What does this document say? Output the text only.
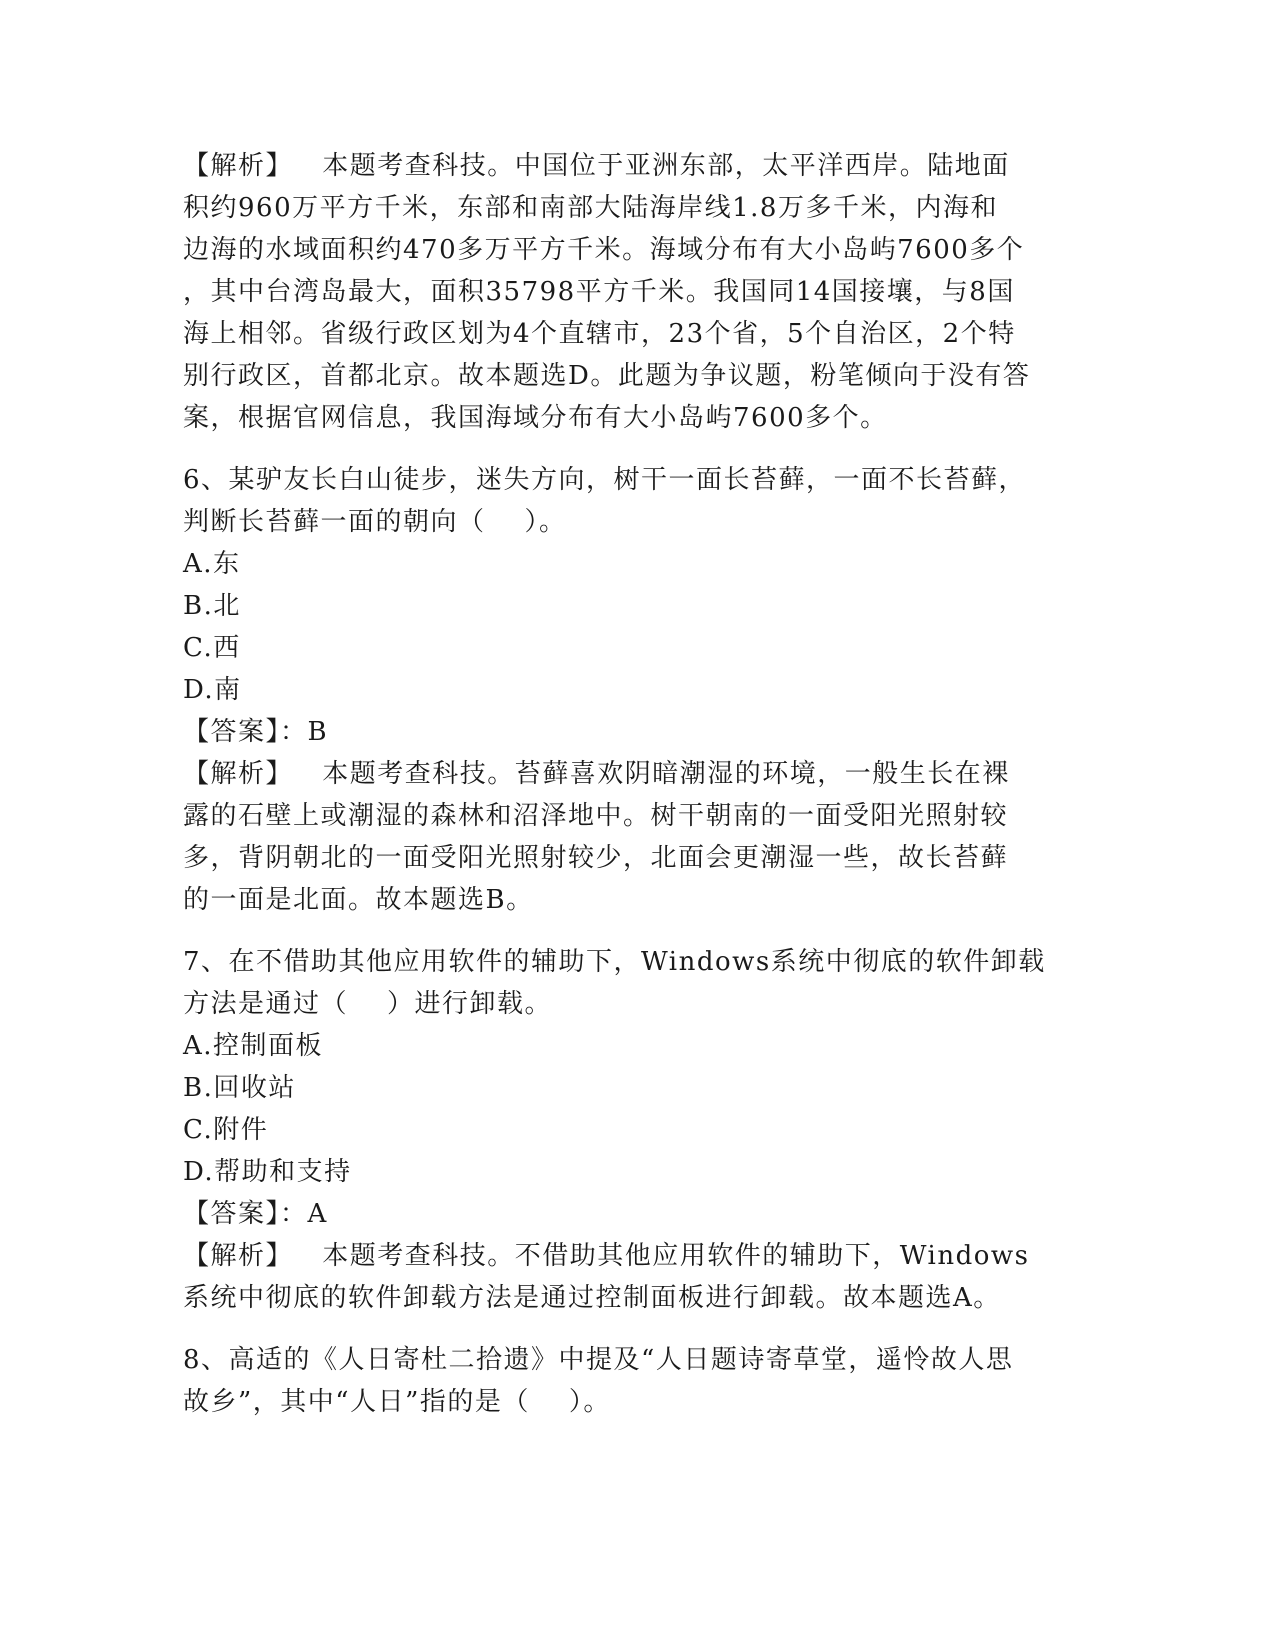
【解析】   本题考查科技。中国位于亚洲东部，太平洋西岸。陆地面

积约960万平方千米，东部和南部大陆海岸线1.8万多千米，内海和

边海的水域面积约470多万平方千米。海域分布有大小岛屿7600多个

，其中台湾岛最大，面积35798平方千米。我国同14国接壤，与8国

海上相邻。省级行政区划为4个直辖市，23个省，5个自治区，2个特

别行政区，首都北京。故本题选D。此题为争议题，粉笔倾向于没有答

案，根据官网信息，我国海域分布有大小岛屿7600多个。

6、某驴友长白山徒步，迷失方向，树干一面长苔藓，一面不长苔藓，

判断长苔藓一面的朝向（    ）。

A.东

B.北

C.西

D.南

【答案】：B

【解析】   本题考查科技。苔藓喜欢阴暗潮湿的环境，一般生长在裸

露的石壁上或潮湿的森林和沼泽地中。树干朝南的一面受阳光照射较

多，背阴朝北的一面受阳光照射较少，北面会更潮湿一些，故长苔藓

的一面是北面。故本题选B。

7、在不借助其他应用软件的辅助下，Windows系统中彻底的软件卸载

方法是通过（    ）进行卸载。

A.控制面板

B.回收站

C.附件

D.帮助和支持

【答案】：A

【解析】   本题考查科技。不借助其他应用软件的辅助下，Windows

系统中彻底的软件卸载方法是通过控制面板进行卸载。故本题选A。

8、高适的《人日寄杜二拾遗》中提及“人日题诗寄草堂，遥怜故人思

故乡”，其中“人日”指的是（    ）。
